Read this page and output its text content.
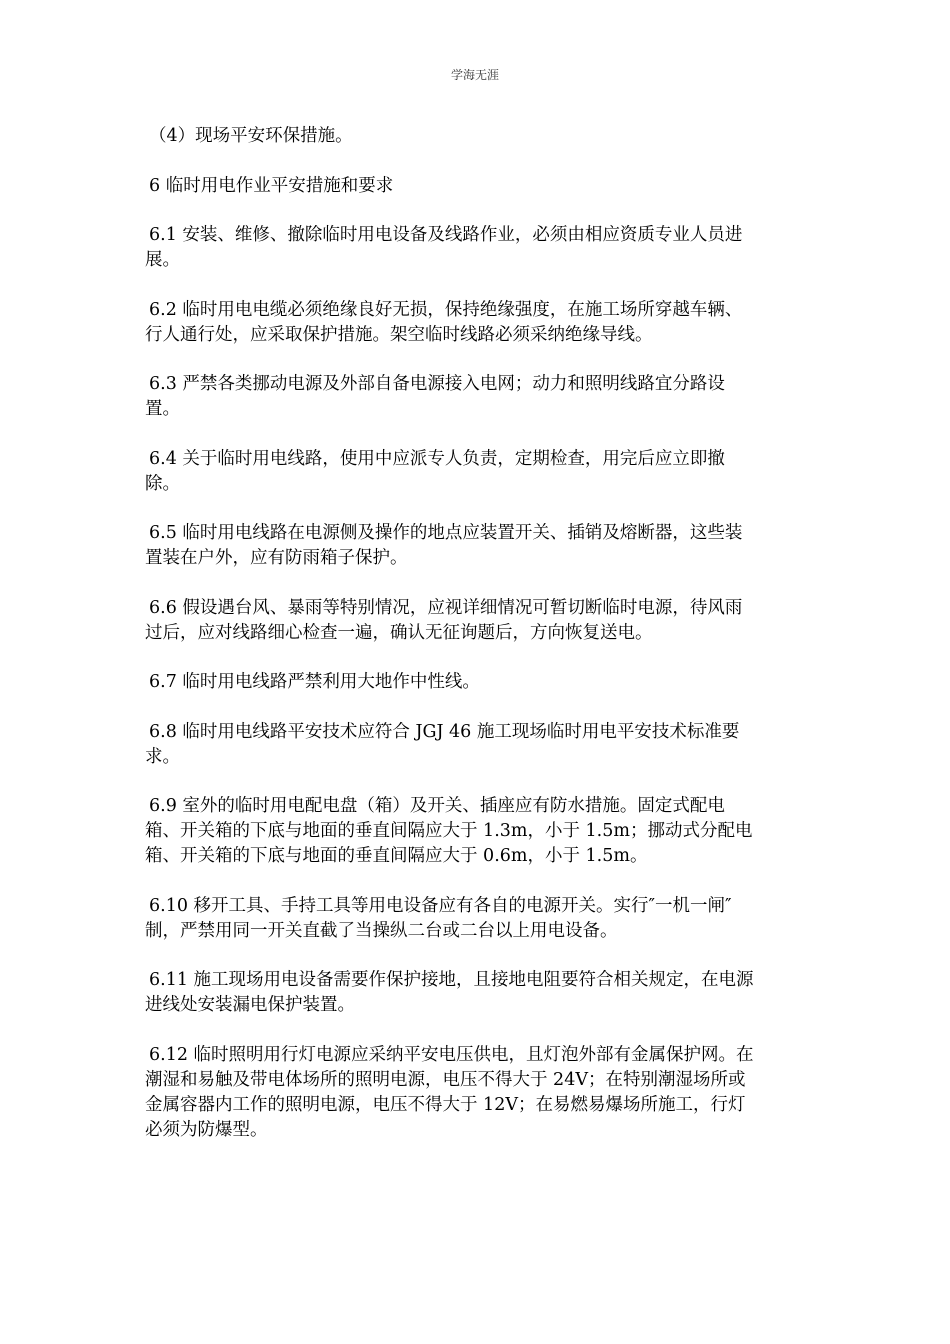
学海无涯

（4）现场平安环保措施。

6 临时用电作业平安措施和要求

6.1 安装、维修、撤除临时用电设备及线路作业，必须由相应资质专业人员进
展。

6.2 临时用电电缆必须绝缘良好无损，保持绝缘强度，在施工场所穿越车辆、
行人通行处，应采取保护措施。架空临时线路必须采纳绝缘导线。

6.3 严禁各类挪动电源及外部自备电源接入电网；动力和照明线路宜分路设
置。

6.4 关于临时用电线路，使用中应派专人负责，定期检查，用完后应立即撤
除。

6.5 临时用电线路在电源侧及操作的地点应装置开关、插销及熔断器，这些装
置装在户外，应有防雨箱子保护。

6.6 假设遇台风、暴雨等特别情况，应视详细情况可暂切断临时电源，待风雨
过后，应对线路细心检查一遍，确认无征询题后，方向恢复送电。

6.7 临时用电线路严禁利用大地作中性线。

6.8 临时用电线路平安技术应符合 JGJ 46 施工现场临时用电平安技术标准要
求。

6.9 室外的临时用电配电盘（箱）及开关、插座应有防水措施。固定式配电
箱、开关箱的下底与地面的垂直间隔应大于 1.3m，小于 1.5m；挪动式分配电
箱、开关箱的下底与地面的垂直间隔应大于 0.6m，小于 1.5m。

6.10 移开工具、手持工具等用电设备应有各自的电源开关。实行″一机一闸″
制，严禁用同一开关直截了当操纵二台或二台以上用电设备。

6.11 施工现场用电设备需要作保护接地，且接地电阻要符合相关规定，在电源
进线处安装漏电保护装置。

6.12 临时照明用行灯电源应采纳平安电压供电，且灯泡外部有金属保护网。在
潮湿和易触及带电体场所的照明电源，电压不得大于 24V；在特别潮湿场所或
金属容器内工作的照明电源，电压不得大于 12V；在易燃易爆场所施工，行灯
必须为防爆型。
